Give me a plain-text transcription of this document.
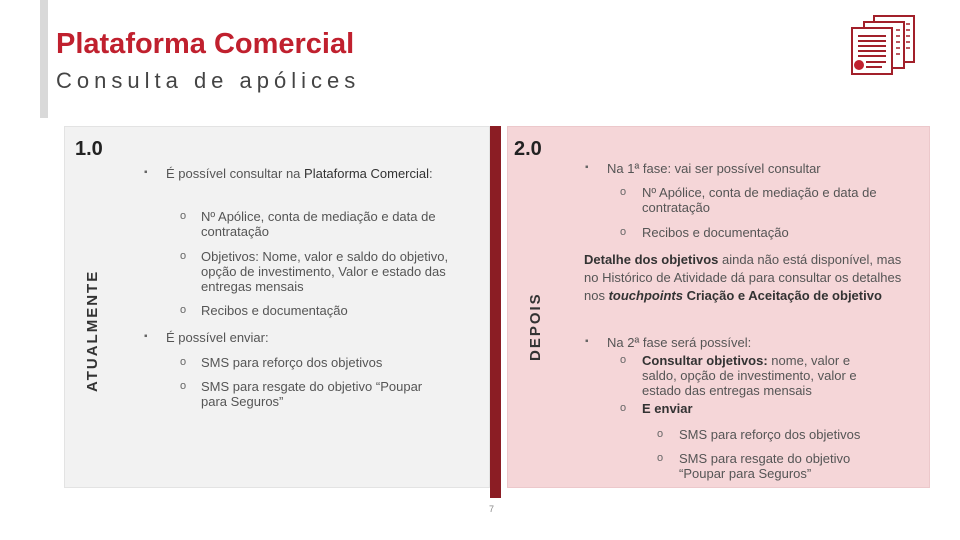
Plataforma Comercial
Consulta de apólices
1.0
ATUALMENTE
▪ É possível consultar na Plataforma Comercial:
o Nº Apólice, conta de mediação e data de contratação
o Objetivos: Nome, valor e saldo do objetivo, opção de investimento, Valor e estado das entregas mensais
o Recibos e documentação
▪ É possível enviar:
o SMS para reforço dos objetivos
o SMS para resgate do objetivo “Poupar para Seguros”
2.0
DEPOIS
▪ Na 1ª fase: vai ser possível consultar
o Nº Apólice, conta de mediação e data de contratação
o Recibos e documentação
Detalhe dos objetivos ainda não está disponível, mas no Histórico de Atividade dá para consultar os detalhes nos touchpoints Criação e Aceitação de objetivo
▪ Na 2ª fase será possível:
o Consultar objetivos: nome, valor e saldo, opção de investimento, valor e estado das entregas mensais
o E enviar
o SMS para reforço dos objetivos
o SMS para resgate do objetivo “Poupar para Seguros”
7
